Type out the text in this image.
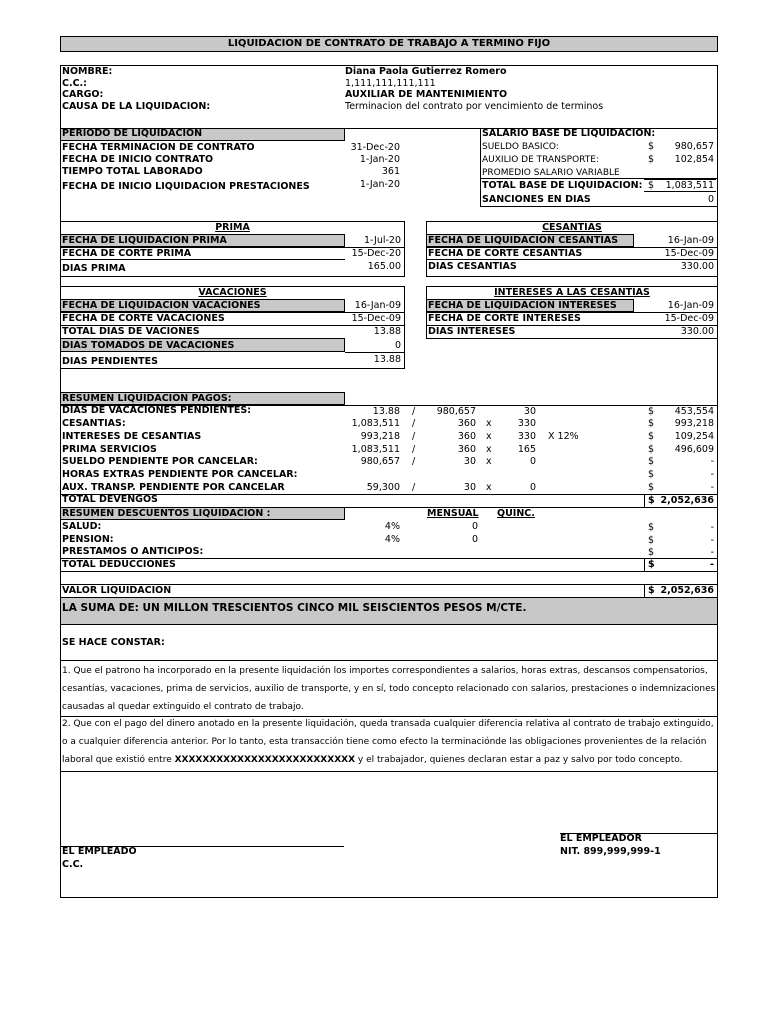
LIQUIDACION DE CONTRATO DE TRABAJO A TERMINO FIJO
NOMBRE:	Diana Paola Gutierrez Romero
C.C.:	1,111,111,111,111
CARGO:	AUXILIAR DE MANTENIMIENTO
CAUSA DE LA LIQUIDACION:	Terminacion del contrato por vencimiento de terminos
PERIODO DE LIQUIDACION
FECHA TERMINACION DE CONTRATO	31-Dec-20
FECHA DE INICIO CONTRATO	1-Jan-20
TIEMPO TOTAL LABORADO	361
FECHA DE INICIO LIQUIDACION PRESTACIONES	1-Jan-20
SALARIO BASE DE LIQUIDACION:
SUELDO BASICO:	$	980,657
AUXILIO DE TRANSPORTE:	$	102,854
PROMEDIO SALARIO VARIABLE
TOTAL BASE DE LIQUIDACION: $	1,083,511
SANCIONES EN DIAS	0
PRIMA
FECHA DE LIQUIDACION PRIMA	1-Jul-20
FECHA DE CORTE PRIMA	15-Dec-20
DIAS PRIMA	165.00
CESANTIAS
FECHA DE LIQUIDACION CESANTIAS	16-Jan-09
FECHA DE CORTE CESANTIAS	15-Dec-09
DIAS CESANTIAS	330.00
VACACIONES
FECHA DE LIQUIDACION VACACIONES	16-Jan-09
FECHA DE CORTE VACACIONES	15-Dec-09
TOTAL DIAS DE VACIONES	13.88
DIAS TOMADOS DE VACACIONES	0
DIAS PENDIENTES	13.88
INTERESES A LAS CESANTIAS
FECHA DE LIQUIDACION INTERESES	16-Jan-09
FECHA DE CORTE INTERESES	15-Dec-09
DIAS INTERESES	330.00
RESUMEN LIQUIDACION PAGOS:
DIAS DE VACACIONES PENDIENTES:	13.88 /	980,657	30	$	453,554
CESANTIAS:	1,083,511 /	360 x	330	$	993,218
INTERESES DE CESANTIAS	993,218 /	360 x	330 X 12%	$	109,254
PRIMA SERVICIOS	1,083,511 /	360 x	165	$	496,609
SUELDO PENDIENTE POR CANCELAR:	980,657 /	30 x	0	$	-
HORAS EXTRAS PENDIENTE POR CANCELAR:	$	-
AUX. TRANSP. PENDIENTE POR CANCELAR	59,300 /	30 x	0	$	-
TOTAL DEVENGOS	$ 2,052,636
RESUMEN DESCUENTOS LIQUIDACION :	MENSUAL QUINC.
SALUD:	4%	0	$	-
PENSION:	4%	0	$	-
PRESTAMOS O ANTICIPOS:	$	-
TOTAL DEDUCCIONES	$	-
VALOR LIQUIDACION	$ 2,052,636
LA SUMA DE: UN MILLON TRESCIENTOS CINCO MIL SEISCIENTOS PESOS M/CTE.
SE HACE CONSTAR:
1. Que el patrono ha incorporado en la presente liquidación los importes correspondientes a salarios, horas extras, descansos compensatorios, cesantías, vacaciones, prima de servicios, auxilio de transporte, y en sí, todo concepto relacionado con salarios, prestaciones o indemnizaciones causadas al quedar extinguido el contrato de trabajo.
2. Que con el pago del dinero anotado en la presente liquidación, queda transada cualquier diferencia relativa al contrato de trabajo extinguido, o a cualquier diferencia anterior. Por lo tanto, esta transacción tiene como efecto la terminaciónde las obligaciones provenientes de la relación laboral que existió entre XXXXXXXXXXXXXXXXXXXXXXXXXX y el trabajador, quienes declaran estar a paz y salvo por todo concepto.
EL EMPLEADO
C.C.
EL EMPLEADOR
NIT. 899,999,999-1
